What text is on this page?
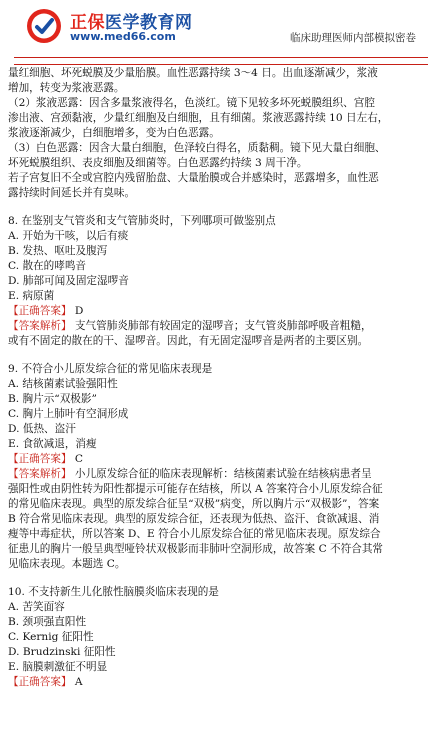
正保医学教育网
www.med66.com	临床助理医师内部模拟密卷

量红细胞、坏死蜕膜及少量胎膜。血性恶露持续 3～4 日。出血逐渐减少，浆液

增加，转变为浆液恶露。

（2）浆液恶露：因含多量浆液得名，色淡红。镜下见较多坏死蜕膜组织、宫腔

渗出液、宫颈黏液，少量红细胞及白细胞，且有细菌。浆液恶露持续 10 日左右，

浆液逐渐减少，白细胞增多，变为白色恶露。

（3）白色恶露：因含大量白细胞，色泽较白得名，质黏稠。镜下见大量白细胞、

坏死蜕膜组织、表皮细胞及细菌等。白色恶露约持续 3 周干净。

若子宫复旧不全或宫腔内残留胎盘、大量胎膜或合并感染时，恶露增多，血性恶

露持续时间延长并有臭味。

8. 在鉴别支气管炎和支气管肺炎时，下列哪项可做鉴别点

A. 开始为干咳，以后有痰

B. 发热、呕吐及腹泻

C. 散在的哮鸣音

D. 肺部可闻及固定湿啰音

E. 病原菌

【正确答案】 D

【答案解析】 支气管肺炎肺部有较固定的湿啰音；支气管炎肺部呼吸音粗糙，

或有不固定的散在的干、湿啰音。因此，有无固定湿啰音是两者的主要区别。

9. 不符合小儿原发综合征的常见临床表现是

A. 结核菌素试验强阳性

B. 胸片示“双极影”

C. 胸片上肺叶有空洞形成

D. 低热、盗汗

E. 食欲减退，消瘦

【正确答案】 C

【答案解析】 小儿原发综合征的临床表现解析：结核菌素试验在结核病患者呈

强阳性或由阴性转为阳性都提示可能存在结核，所以 A 答案符合小儿原发综合征

的常见临床表现。典型的原发综合征呈“双极”病变，所以胸片示“双极影”，答案

B 符合常见临床表现。典型的原发综合征，还表现为低热、盗汗、食欲减退、消

瘦等中毒症状，所以答案 D、E 符合小儿原发综合征的常见临床表现。原发综合

征患儿的胸片一般呈典型哑铃状双极影而非肺叶空洞形成，故答案 C 不符合其常

见临床表现。本题选 C。

10. 不支持新生儿化脓性脑膜炎临床表现的是

A. 苦笑面容

B. 颈项强直阳性

C. Kernig 征阳性

D. Brudzinski 征阳性

E. 脑膜刺激征不明显

【正确答案】 A
